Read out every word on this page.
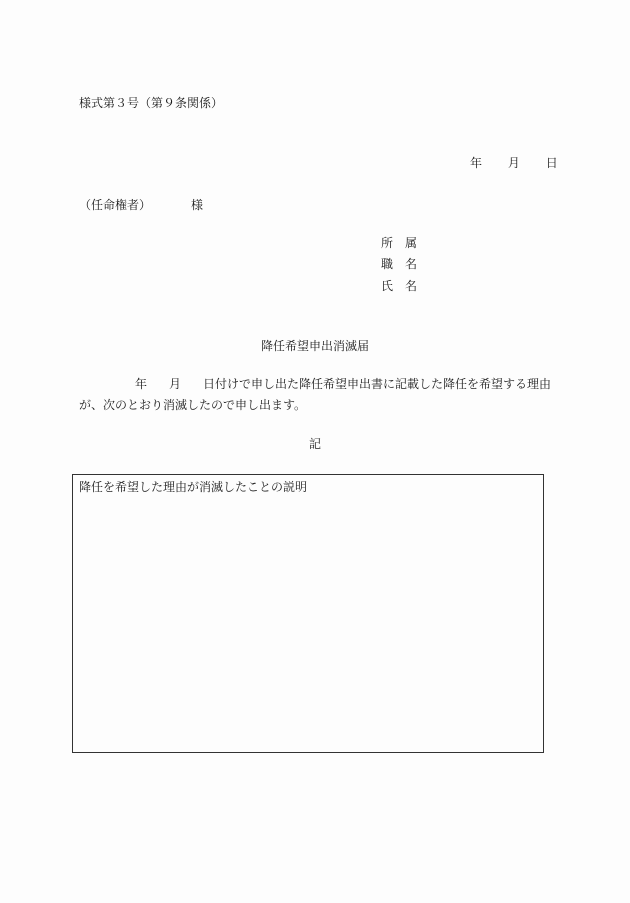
様式第３号（第９条関係）
年 月 日
（任命権者）	様
所 属
職 名
氏 名
降任希望申出消滅届
年 月 日付けで申し出た降任希望申出書に記載した降任を希望する理由
が、次のとおり消滅したので申し出ます。
記
降任を希望した理由が消滅したことの説明
